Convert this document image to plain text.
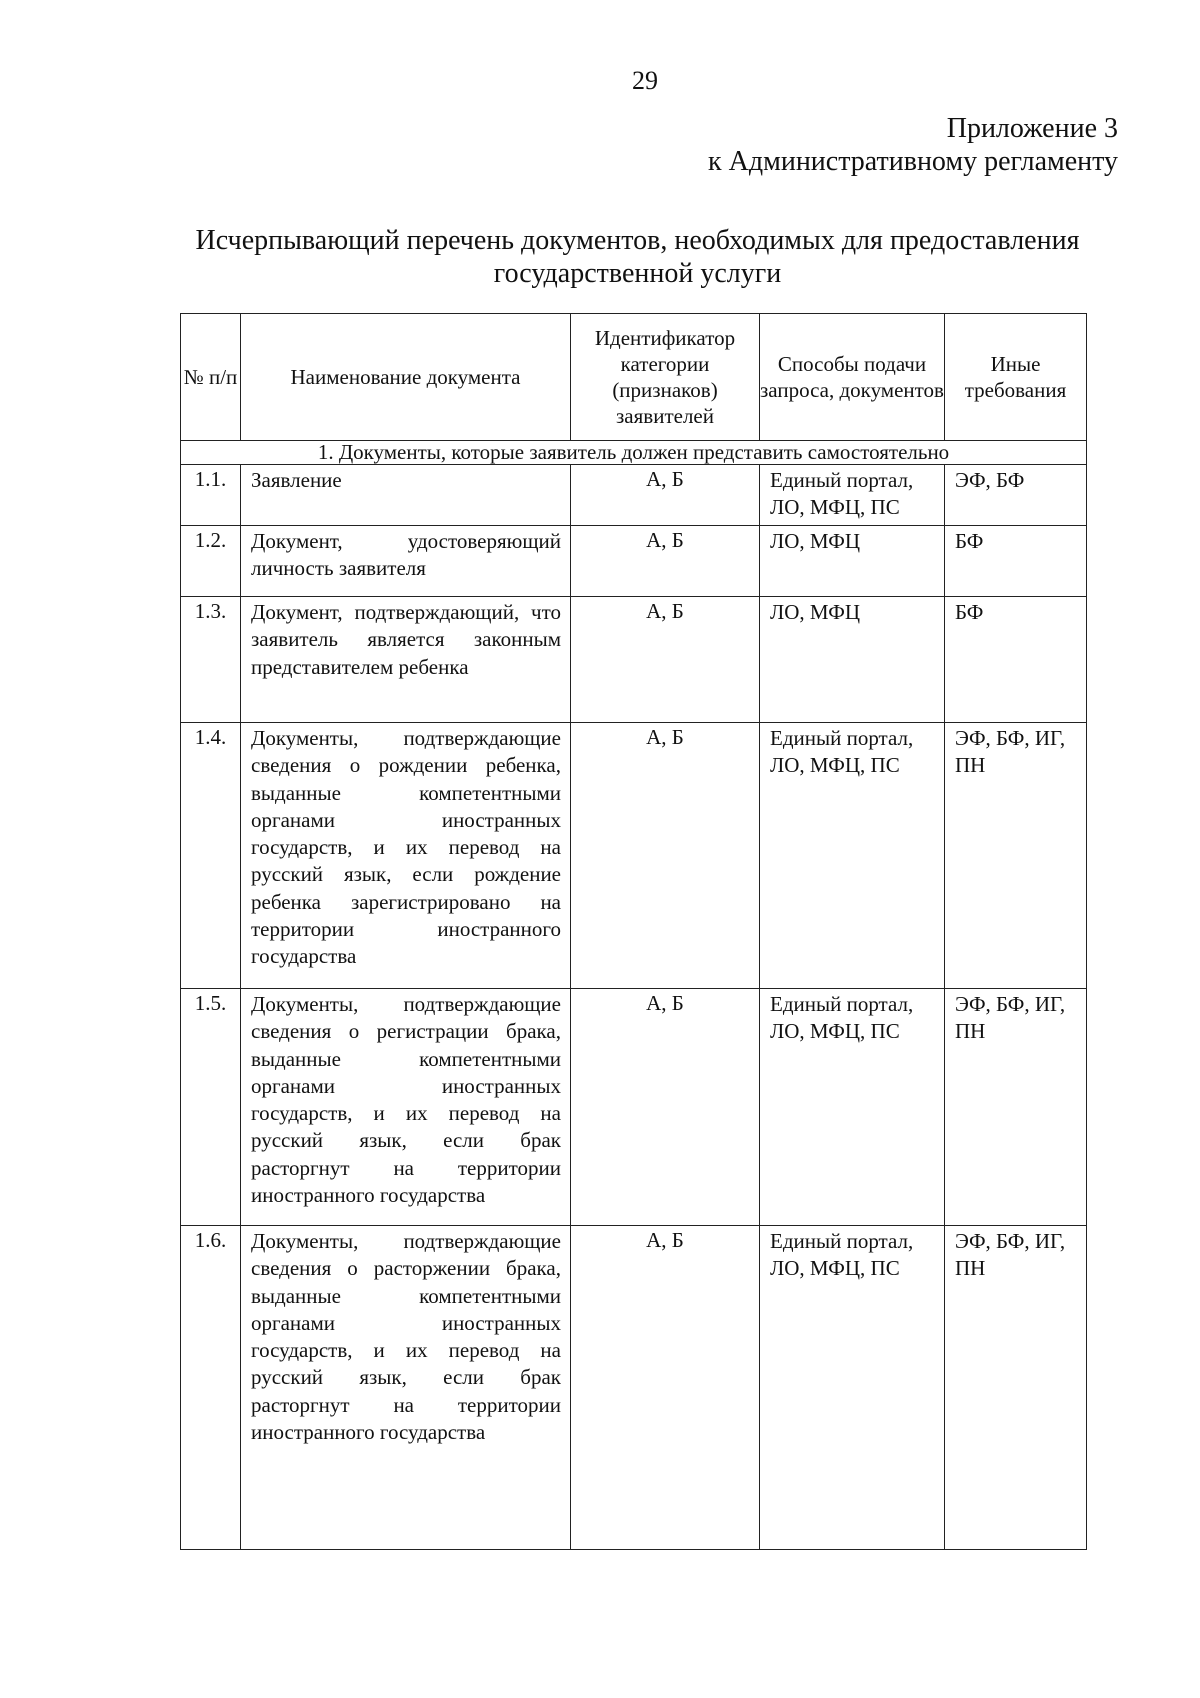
29
Приложение 3
к Административному регламенту
Исчерпывающий перечень документов, необходимых для предоставления
государственной услуги
№ п/п	Наименование документа	Идентификатор категории (признаков) заявителей	Способы подачи запроса, документов	Иные требования
1. Документы, которые заявитель должен представить самостоятельно				
1.1.	Заявление	А, Б	Единый портал, ЛО, МФЦ, ПС	ЭФ, БФ
1.2.	Документ, удостоверяющий личность заявителя	А, Б	ЛО, МФЦ	БФ
1.3.	Документ, подтверждающий, что заявитель является законным представителем ребенка	А, Б	ЛО, МФЦ	БФ
1.4.	Документы, подтверждающие сведения о рождении ребенка, выданные компетентными органами иностранных государств, и их перевод на русский язык, если рождение ребенка зарегистрировано на территории иностранного государства	А, Б	Единый портал, ЛО, МФЦ, ПС	ЭФ, БФ, ИГ, ПН
1.5.	Документы, подтверждающие сведения о регистрации брака, выданные компетентными органами иностранных государств, и их перевод на русский язык, если брак расторгнут на территории иностранного государства	А, Б	Единый портал, ЛО, МФЦ, ПС	ЭФ, БФ, ИГ, ПН
1.6.	Документы, подтверждающие сведения о расторжении брака, выданные компетентными органами иностранных государств, и их перевод на русский язык, если брак расторгнут на территории иностранного государства	А, Б	Единый портал, ЛО, МФЦ, ПС	ЭФ, БФ, ИГ, ПН
